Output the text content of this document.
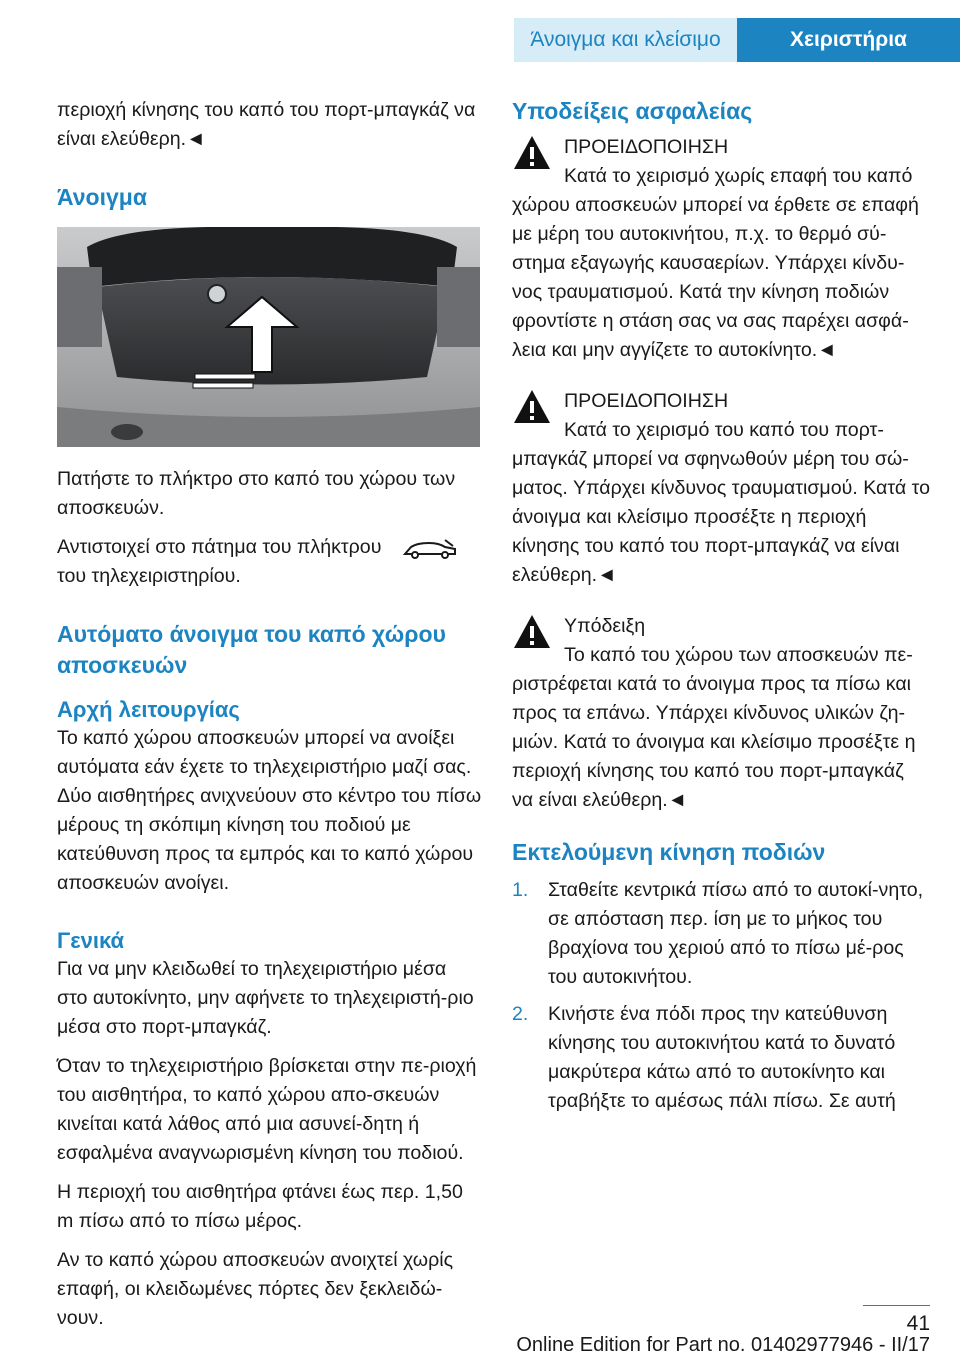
Άνοιγμα και κλείσιμο	Χειριστήρια

περιοχή κίνησης του καπό του πορτ-μπαγκάζ να είναι ελεύθερη.◄

Άνοιγμα

Πατήστε το πλήκτρο στο καπό του χώρου των αποσκευών.

Αντιστοιχεί στο πάτημα του πλήκτρου
του τηλεχειριστηρίου.

Αυτόματο άνοιγμα του καπό χώρου αποσκευών
Αρχή λειτουργίας

Το καπό χώρου αποσκευών μπορεί να ανοίξει αυτόματα εάν έχετε το τηλεχειριστήριο μαζί σας. Δύο αισθητήρες ανιχνεύουν στο κέντρο του πίσω μέρους τη σκόπιμη κίνηση του ποδιού με κατεύθυνση προς τα εμπρός και το καπό χώρου αποσκευών ανοίγει.

Γενικά

Για να μην κλειδωθεί το τηλεχειριστήριο μέσα στο αυτοκίνητο, μην αφήνετε το τηλεχειριστή-ριο μέσα στο πορτ-μπαγκάζ.

Όταν το τηλεχειριστήριο βρίσκεται στην πε-ριοχή του αισθητήρα, το καπό χώρου απο-σκευών κινείται κατά λάθος από μια ασυνεί-δητη ή εσφαλμένα αναγνωρισμένη κίνηση του ποδιού.

Η περιοχή του αισθητήρα φτάνει έως περ. 1,50 m πίσω από το πίσω μέρος.

Αν το καπό χώρου αποσκευών ανοιχτεί χωρίς επαφή, οι κλειδωμένες πόρτες δεν ξεκλειδώ-νουν.

Υποδείξεις ασφαλείας
ΠΡΟΕΙΔΟΠΟΙΗΣΗ
Κατά το χειρισμό χωρίς επαφή του καπό

χώρου αποσκευών μπορεί να έρθετε σε επαφή με μέρη του αυτοκινήτου, π.χ. το θερμό σύ-στημα εξαγωγής καυσαερίων. Υπάρχει κίνδυ-νος τραυματισμού. Κατά την κίνηση ποδιών φροντίστε η στάση σας να σας παρέχει ασφά-λεια και μην αγγίζετε το αυτοκίνητο.◄

ΠΡΟΕΙΔΟΠΟΙΗΣΗ
Κατά το χειρισμό του καπό του πορτ-

μπαγκάζ μπορεί να σφηνωθούν μέρη του σώ-ματος. Υπάρχει κίνδυνος τραυματισμού. Κατά το άνοιγμα και κλείσιμο προσέξτε η περιοχή κίνησης του καπό του πορτ-μπαγκάζ να είναι ελεύθερη.◄

Υπόδειξη
Το καπό του χώρου των αποσκευών πε-

ριστρέφεται κατά το άνοιγμα προς τα πίσω και προς τα επάνω. Υπάρχει κίνδυνος υλικών ζη-μιών. Κατά το άνοιγμα και κλείσιμο προσέξτε η περιοχή κίνησης του καπό του πορτ-μπαγκάζ να είναι ελεύθερη.◄

Εκτελούμενη κίνηση ποδιών
1.	Σταθείτε κεντρικά πίσω από το αυτοκί-νητο, σε απόσταση περ. ίση με το μήκος του βραχίονα του χεριού από το πίσω μέ-ρος του αυτοκινήτου.
2.	Κινήστε ένα πόδι προς την κατεύθυνση κίνησης του αυτοκινήτου κατά το δυνατό μακρύτερα κάτω από το αυτοκίνητο και τραβήξτε το αμέσως πάλι πίσω. Σε αυτή
41
Online Edition for Part no. 01402977946 - II/17
